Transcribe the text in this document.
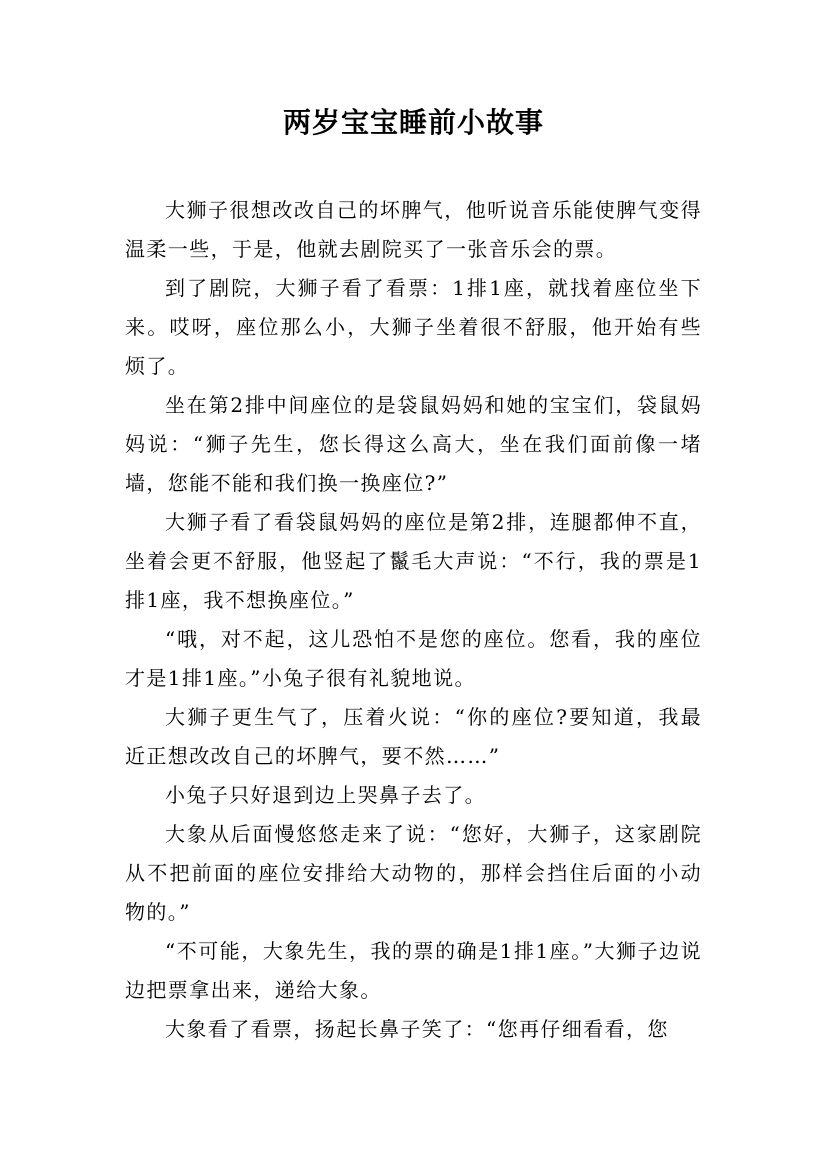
两岁宝宝睡前小故事

大狮子很想改改自己的坏脾气，他听说音乐能使脾气变得温柔一些，于是，他就去剧院买了一张音乐会的票。

到了剧院，大狮子看了看票：1排1座，就找着座位坐下来。哎呀，座位那么小，大狮子坐着很不舒服，他开始有些烦了。

坐在第2排中间座位的是袋鼠妈妈和她的宝宝们，袋鼠妈妈说：“狮子先生，您长得这么高大，坐在我们面前像一堵墙，您能不能和我们换一换座位?”

大狮子看了看袋鼠妈妈的座位是第2排，连腿都伸不直，坐着会更不舒服，他竖起了鬣毛大声说：“不行，我的票是1排1座，我不想换座位。”

“哦，对不起，这儿恐怕不是您的座位。您看，我的座位才是1排1座。”小兔子很有礼貌地说。

大狮子更生气了，压着火说：“你的座位?要知道，我最近正想改改自己的坏脾气，要不然……”

小兔子只好退到边上哭鼻子去了。

大象从后面慢悠悠走来了说：“您好，大狮子，这家剧院从不把前面的座位安排给大动物的，那样会挡住后面的小动物的。”

“不可能，大象先生，我的票的确是1排1座。”大狮子边说边把票拿出来，递给大象。

大象看了看票，扬起长鼻子笑了：“您再仔细看看，您
